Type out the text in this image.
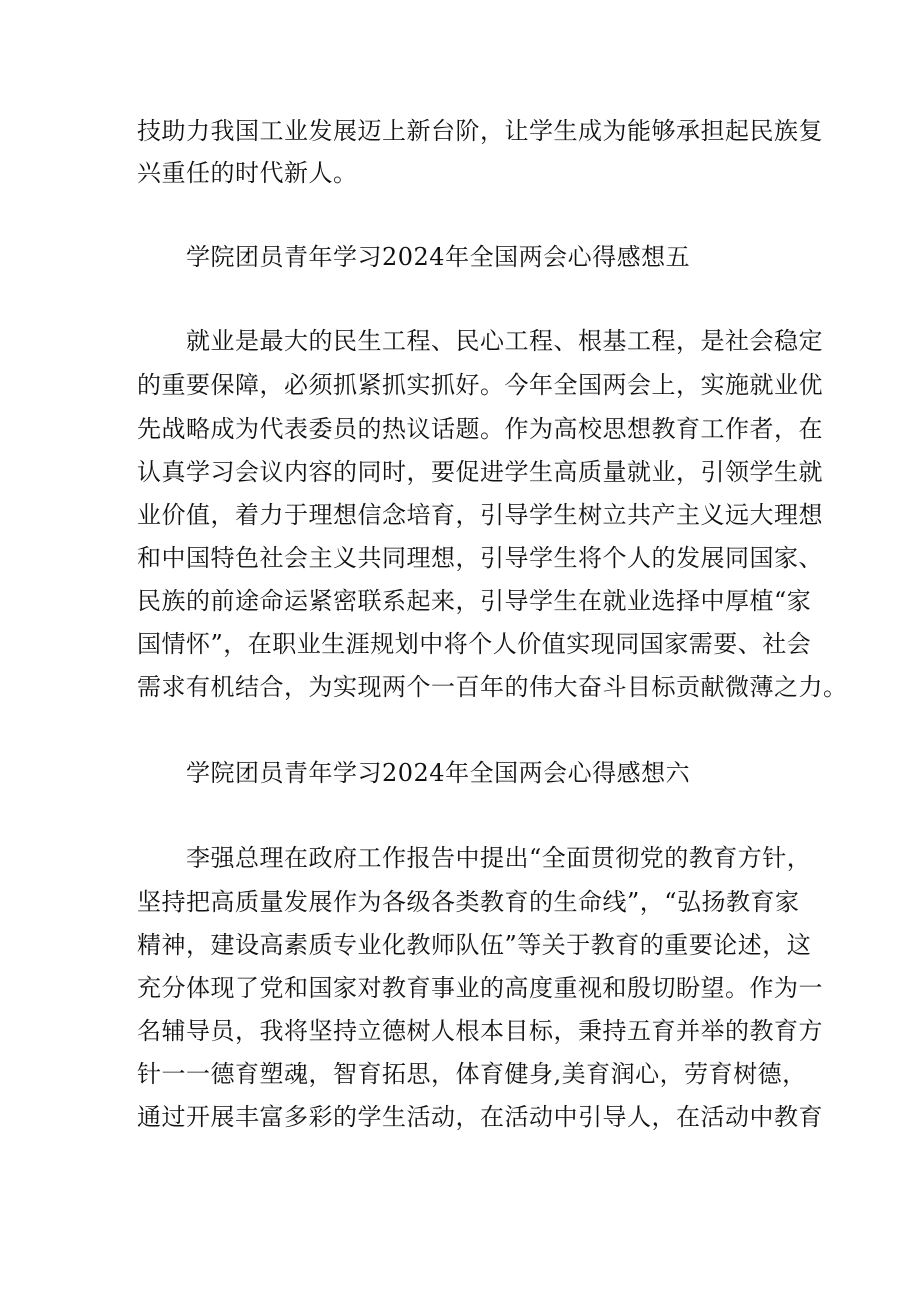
技助力我国工业发展迈上新台阶，让学生成为能够承担起民族复
兴重任的时代新人。
学院团员青年学习2024年全国两会心得感想五
就业是最大的民生工程、民心工程、根基工程，是社会稳定
的重要保障，必须抓紧抓实抓好。今年全国两会上，实施就业优
先战略成为代表委员的热议话题。作为高校思想教育工作者，在
认真学习会议内容的同时，要促进学生高质量就业，引领学生就
业价值，着力于理想信念培育，引导学生树立共产主义远大理想
和中国特色社会主义共同理想，引导学生将个人的发展同国家、
民族的前途命运紧密联系起来，引导学生在就业选择中厚植“家
国情怀”，在职业生涯规划中将个人价值实现同国家需要、社会
需求有机结合，为实现两个一百年的伟大奋斗目标贡献微薄之力。
学院团员青年学习2024年全国两会心得感想六
李强总理在政府工作报告中提出“全面贯彻党的教育方针，
坚持把高质量发展作为各级各类教育的生命线”，“弘扬教育家
精神，建设高素质专业化教师队伍”等关于教育的重要论述，这
充分体现了党和国家对教育事业的高度重视和殷切盼望。作为一
名辅导员，我将坚持立德树人根本目标，秉持五育并举的教育方
针一一德育塑魂，智育拓思，体育健身,美育润心，劳育树德，
通过开展丰富多彩的学生活动，在活动中引导人，在活动中教育
